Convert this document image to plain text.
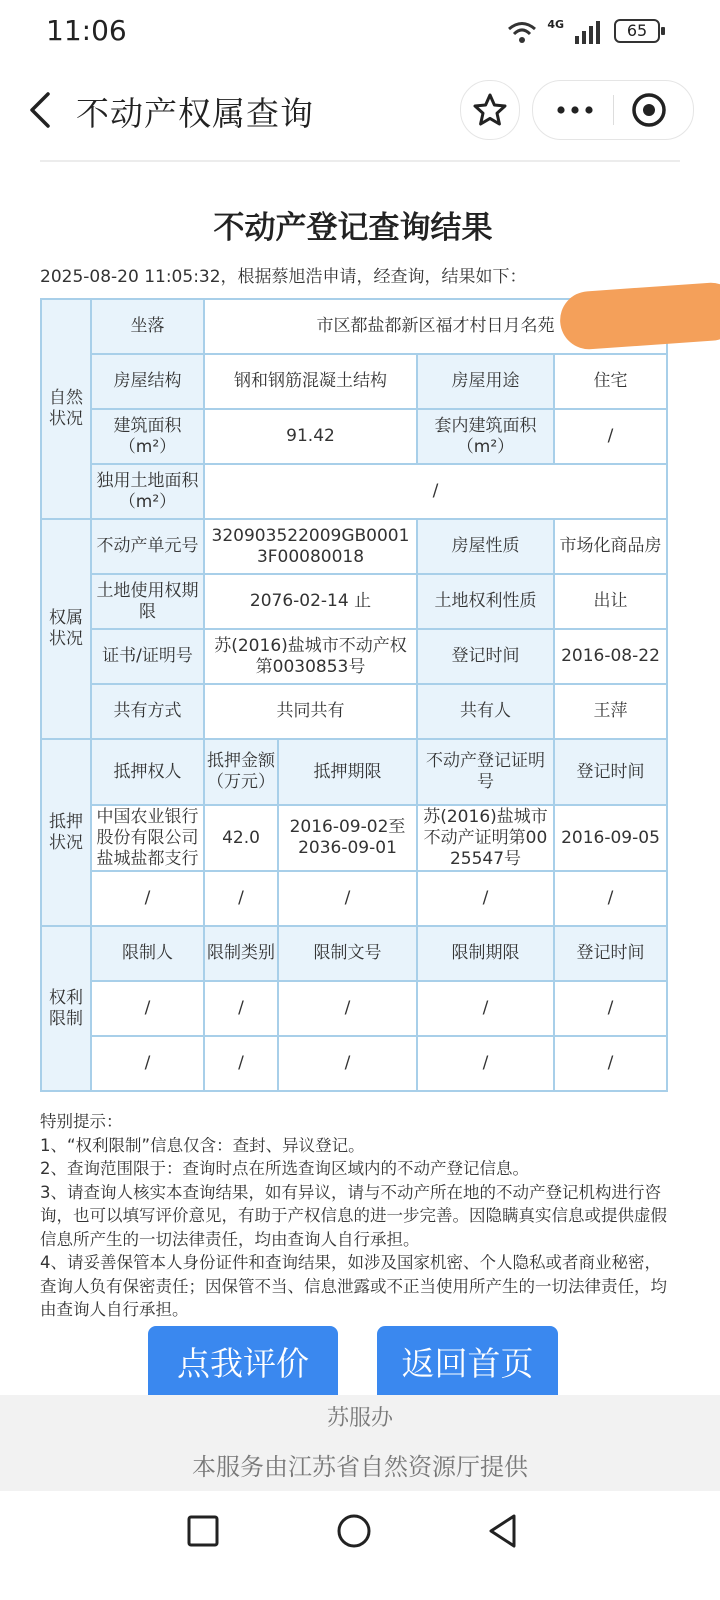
11:06	4G	65
不动产权属查询
不动产登记查询结果
2025-08-20 11:05:32，根据蔡旭浩申请，经查询，结果如下：
自然状况	坐落	市区都盐都新区福才村日月名苑			
	房屋结构	钢和钢筋混凝土结构		房屋用途	住宅
	建筑面积（m²）	91.42		套内建筑面积（m²）	/
	独用土地面积（m²）	/			
权属状况	不动产单元号	320903522009GB00013F00080018		房屋性质	市场化商品房
	土地使用权期限	2076-02-14 止		土地权利性质	出让
	证书/证明号	苏(2016)盐城市不动产权第0030853号		登记时间	2016-08-22
	共有方式	共同共有		共有人	王萍
抵押状况	抵押权人	抵押金额（万元）	抵押期限	不动产登记证明号	登记时间
	中国农业银行股份有限公司盐城盐都支行	42.0	2016-09-02至2036-09-01	苏(2016)盐城市不动产证明第0025547号	2016-09-05
	/	/	/	/	/
权利限制	限制人	限制类别	限制文号	限制期限	登记时间
	/	/	/	/	/
	/	/	/	/	/
特别提示：
1、“权利限制”信息仅含：查封、异议登记。
2、查询范围限于：查询时点在所选查询区域内的不动产登记信息。
3、请查询人核实本查询结果，如有异议，请与不动产所在地的不动产登记机构进行咨询，也可以填写评价意见，有助于产权信息的进一步完善。因隐瞒真实信息或提供虚假信息所产生的一切法律责任，均由查询人自行承担。
4、请妥善保管本人身份证件和查询结果，如涉及国家机密、个人隐私或者商业秘密，查询人负有保密责任；因保管不当、信息泄露或不正当使用所产生的一切法律责任，均由查询人自行承担。
点我评价	返回首页
苏服办
本服务由江苏省自然资源厅提供
